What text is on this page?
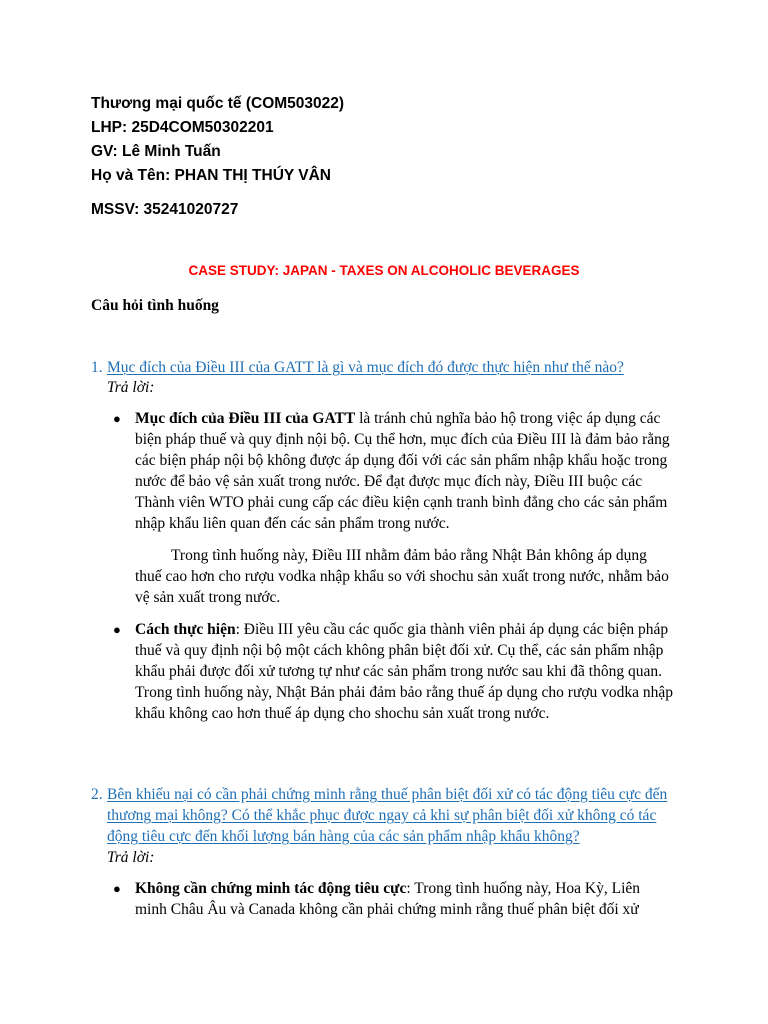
Thương mại quốc tế (COM503022)
LHP: 25D4COM50302201
GV: Lê Minh Tuấn
Họ và Tên: PHAN THỊ THÚY VÂN
MSSV: 35241020727
CASE STUDY: JAPAN - TAXES ON ALCOHOLIC BEVERAGES
Câu hỏi tình huống
1. Mục đích của Điều III của GATT là gì và mục đích đó được thực hiện như thế nào?
Trả lời:
● Mục đích của Điều III của GATT là tránh chủ nghĩa bảo hộ trong việc áp dụng các biện pháp thuế và quy định nội bộ. Cụ thể hơn, mục đích của Điều III là đảm bảo rằng các biện pháp nội bộ không được áp dụng đối với các sản phẩm nhập khẩu hoặc trong nước để bảo vệ sản xuất trong nước. Để đạt được mục đích này, Điều III buộc các Thành viên WTO phải cung cấp các điều kiện cạnh tranh bình đẳng cho các sản phẩm nhập khẩu liên quan đến các sản phẩm trong nước.
Trong tình huống này, Điều III nhằm đảm bảo rằng Nhật Bản không áp dụng thuế cao hơn cho rượu vodka nhập khẩu so với shochu sản xuất trong nước, nhằm bảo vệ sản xuất trong nước.
● Cách thực hiện: Điều III yêu cầu các quốc gia thành viên phải áp dụng các biện pháp thuế và quy định nội bộ một cách không phân biệt đối xử. Cụ thể, các sản phẩm nhập khẩu phải được đối xử tương tự như các sản phẩm trong nước sau khi đã thông quan. Trong tình huống này, Nhật Bản phải đảm bảo rằng thuế áp dụng cho rượu vodka nhập khẩu không cao hơn thuế áp dụng cho shochu sản xuất trong nước.
2. Bên khiếu nại có cần phải chứng minh rằng thuế phân biệt đối xử có tác động tiêu cực đến thương mại không? Có thể khắc phục được ngay cả khi sự phân biệt đối xử không có tác động tiêu cực đến khối lượng bán hàng của các sản phẩm nhập khẩu không?
Trả lời:
● Không cần chứng minh tác động tiêu cực: Trong tình huống này, Hoa Kỳ, Liên minh Châu Âu và Canada không cần phải chứng minh rằng thuế phân biệt đối xử
